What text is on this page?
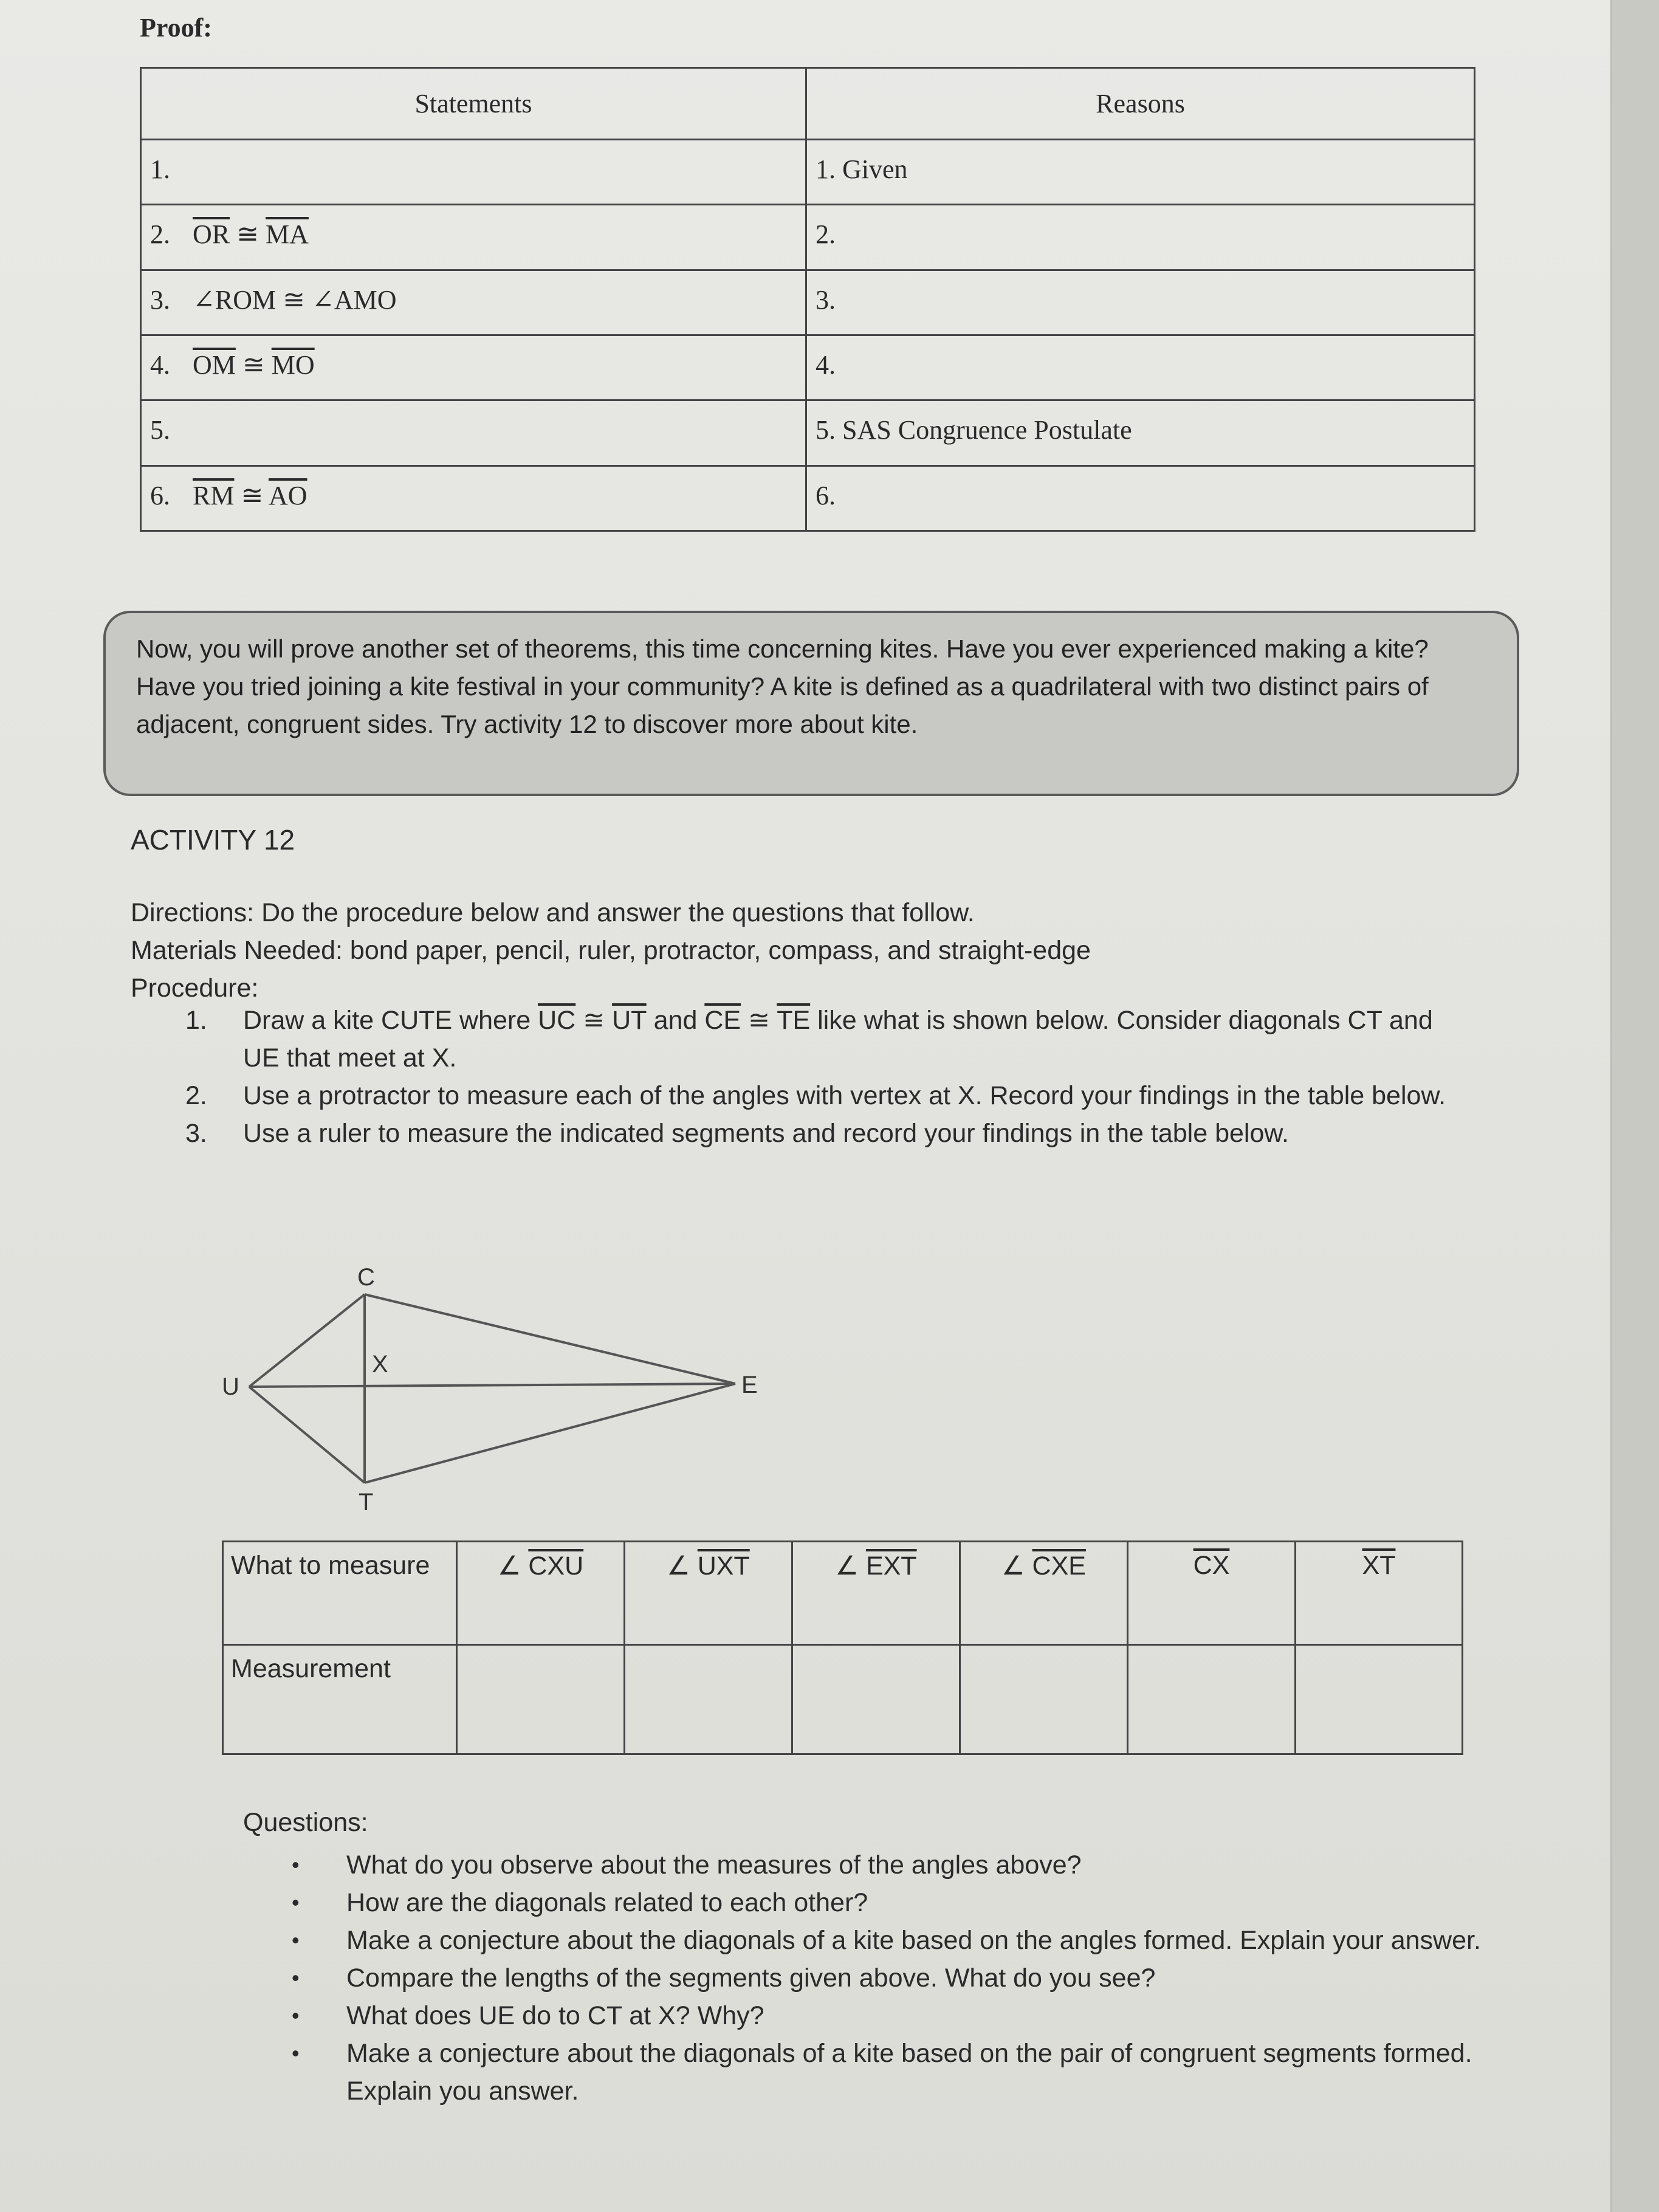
Proof:
Statements	Reasons
1.	1. Given
2. $\overline{OR}$ ≅ $\overline{MA}$	2.
3. ∠ROM ≅ ∠AMO	3.
4. $\overline{OM}$ ≅ $\overline{MO}$	4.
5.	5. SAS Congruence Postulate
6. $\overline{RM}$ ≅ $\overline{AO}$	6.
Now, you will prove another set of theorems, this time concerning kites. Have you ever experienced making a kite? Have you tried joining a kite festival in your community? A kite is defined as a quadrilateral with two distinct pairs of adjacent, congruent sides. Try activity 12 to discover more about kite.
ACTIVITY 12
Directions: Do the procedure below and answer the questions that follow.
Materials Needed: bond paper, pencil, ruler, protractor, compass, and straight-edge
Procedure:
1. Draw a kite CUTE where $\overline{UC}$ ≅ $\overline{UT}$ and $\overline{CE}$ ≅ $\overline{TE}$ like what is shown below. Consider diagonals CT and UE that meet at X.
2. Use a protractor to measure each of the angles with vertex at X. Record your findings in the table below.
3. Use a ruler to measure the indicated segments and record your findings in the table below.
C
U
T
E
X
What to measure	∠ $\overline{CXU}$	∠ $\overline{UXT}$	∠ $\overline{EXT}$	∠ $\overline{CXE}$	$\overline{CX}$	$\overline{XT}$
Measurement						
Questions:
• What do you observe about the measures of the angles above?
• How are the diagonals related to each other?
• Make a conjecture about the diagonals of a kite based on the angles formed. Explain your answer.
• Compare the lengths of the segments given above. What do you see?
• What does UE do to CT at X? Why?
• Make a conjecture about the diagonals of a kite based on the pair of congruent segments formed. Explain you answer.
